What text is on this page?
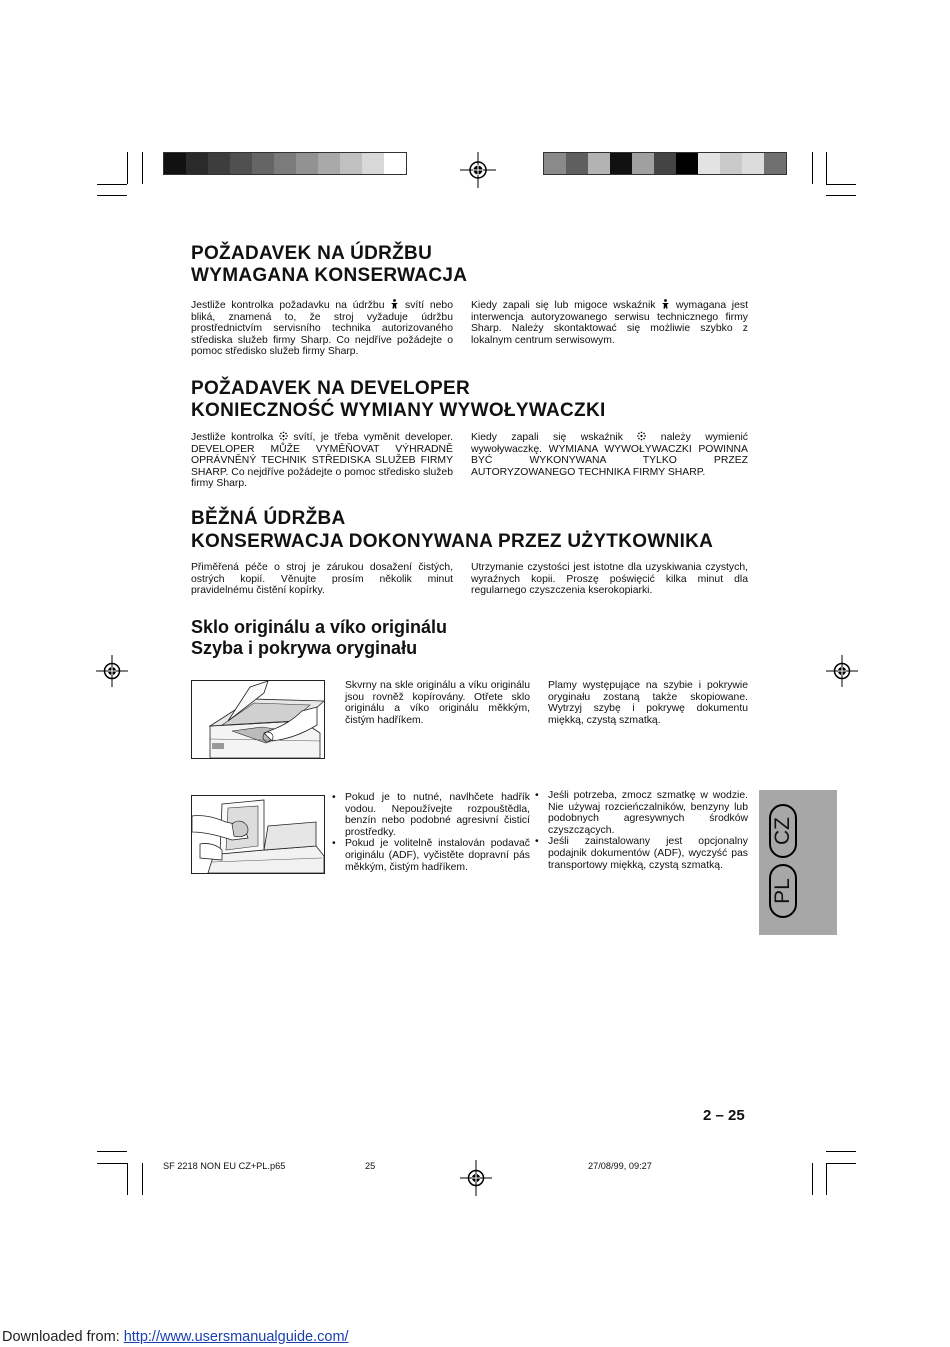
POŽADAVEK NA ÚDRŽBU
WYMAGANA KONSERWACJA
Jestliže kontrolka požadavku na údržbu  svítí nebo bliká, znamená to, že stroj vyžaduje údržbu prostřednictvím servisního technika autorizovaného střediska služeb firmy Sharp. Co nejdříve požádejte o pomoc středisko služeb firmy Sharp.
Kiedy zapali się lub migoce wskaźnik  wymagana jest interwencja autoryzowanego serwisu technicznego firmy Sharp. Należy skontaktować się możliwie szybko z lokalnym centrum serwisowym.
POŽADAVEK NA DEVELOPER
KONIECZNOŚĆ WYMIANY WYWOŁYWACZKI
Jestliže kontrolka  svítí, je třeba vyměnit developer. DEVELOPER MŮŽE VYMĚŇOVAT VÝHRADNĚ OPRÁVNĚNÝ TECHNIK STŘEDISKA SLUŽEB FIRMY SHARP. Co nejdříve požádejte o pomoc středisko služeb firmy Sharp.
Kiedy zapali się wskaźnik  należy wymienić wywoływaczkę. WYMIANA WYWOŁYWACZKI POWINNA BYĆ WYKONYWANA TYLKO PRZEZ AUTORYZOWANEGO TECHNIKA FIRMY SHARP.
BĚŽNÁ ÚDRŽBA
KONSERWACJA DOKONYWANA PRZEZ UŻYTKOWNIKA
Přiměřená péče o stroj je zárukou dosažení čistých, ostrých kopií. Věnujte prosím několik minut pravidelnému čistění kopírky.
Utrzymanie czystości jest istotne dla uzyskiwania czystych, wyraźnych kopii. Proszę poświęcić kilka minut dla regularnego czyszczenia kserokopiarki.
Sklo originálu a víko originálu
Szyba i pokrywa oryginału
Skvrny na skle originálu a víku originálu jsou rovněž kopírovány. Otřete sklo originálu a víko originálu měkkým, čistým hadříkem.
Plamy występujące na szybie i pokrywie oryginału zostaną także skopiowane. Wytrzyj szybę i pokrywę dokumentu miękką, czystą szmatką.
• Pokud je to nutné, navlhčete hadřík vodou. Nepoužívejte rozpouštědla, benzín nebo podobné agresivní čisticí prostředky.
• Pokud je volitelně instalován podavač originálu (ADF), vyčistěte dopravní pás měkkým, čistým hadříkem.
• Jeśli potrzeba, zmocz szmatkę w wodzie. Nie używaj rozcieńczalników, benzyny lub podobnych agresywnych środków czyszczących.
• Jeśli zainstalowany jest opcjonalny podajnik dokumentów (ADF), wyczyść pas transportowy miękką, czystą szmatką.
CZ
PL
2 – 25
SF 2218 NON EU CZ+PL.p65	25	27/08/99, 09:27
Downloaded from: http://www.usersmanualguide.com/
